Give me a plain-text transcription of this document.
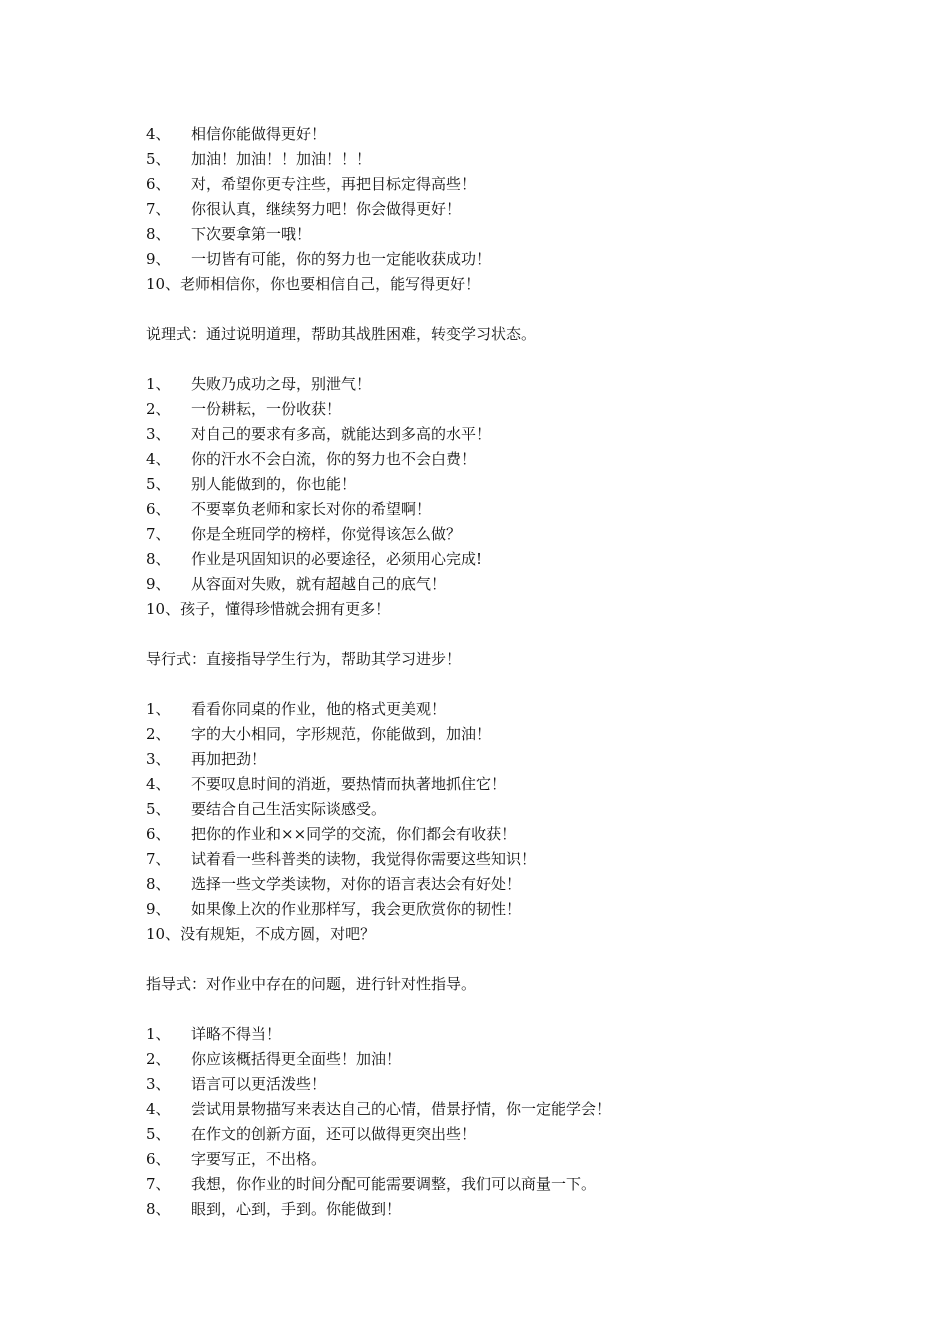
4、 相信你能做得更好！
5、 加油！加油！！加油！！！
6、 对，希望你更专注些，再把目标定得高些！
7、 你很认真，继续努力吧！你会做得更好！
8、 下次要拿第一哦！
9、 一切皆有可能，你的努力也一定能收获成功！
10、老师相信你，你也要相信自己，能写得更好！
说理式：通过说明道理，帮助其战胜困难，转变学习状态。
1、 失败乃成功之母，别泄气！
2、 一份耕耘，一份收获！
3、 对自己的要求有多高，就能达到多高的水平！
4、 你的汗水不会白流，你的努力也不会白费！
5、 别人能做到的，你也能！
6、 不要辜负老师和家长对你的希望啊！
7、 你是全班同学的榜样，你觉得该怎么做？
8、 作业是巩固知识的必要途径，必须用心完成!
9、 从容面对失败，就有超越自己的底气！
10、孩子，懂得珍惜就会拥有更多！
导行式：直接指导学生行为，帮助其学习进步！
1、 看看你同桌的作业，他的格式更美观！
2、 字的大小相同，字形规范，你能做到，加油！
3、 再加把劲！
4、 不要叹息时间的消逝，要热情而执著地抓住它！
5、 要结合自己生活实际谈感受。
6、 把你的作业和××同学的交流，你们都会有收获！
7、 试着看一些科普类的读物，我觉得你需要这些知识！
8、 选择一些文学类读物，对你的语言表达会有好处！
9、 如果像上次的作业那样写，我会更欣赏你的韧性！
10、没有规矩，不成方圆，对吧？
指导式：对作业中存在的问题，进行针对性指导。
1、 详略不得当！
2、 你应该概括得更全面些！加油！
3、 语言可以更活泼些！
4、 尝试用景物描写来表达自己的心情，借景抒情，你一定能学会！
5、 在作文的创新方面，还可以做得更突出些！
6、 字要写正，不出格。
7、 我想，你作业的时间分配可能需要调整，我们可以商量一下。
8、 眼到，心到，手到。你能做到！
